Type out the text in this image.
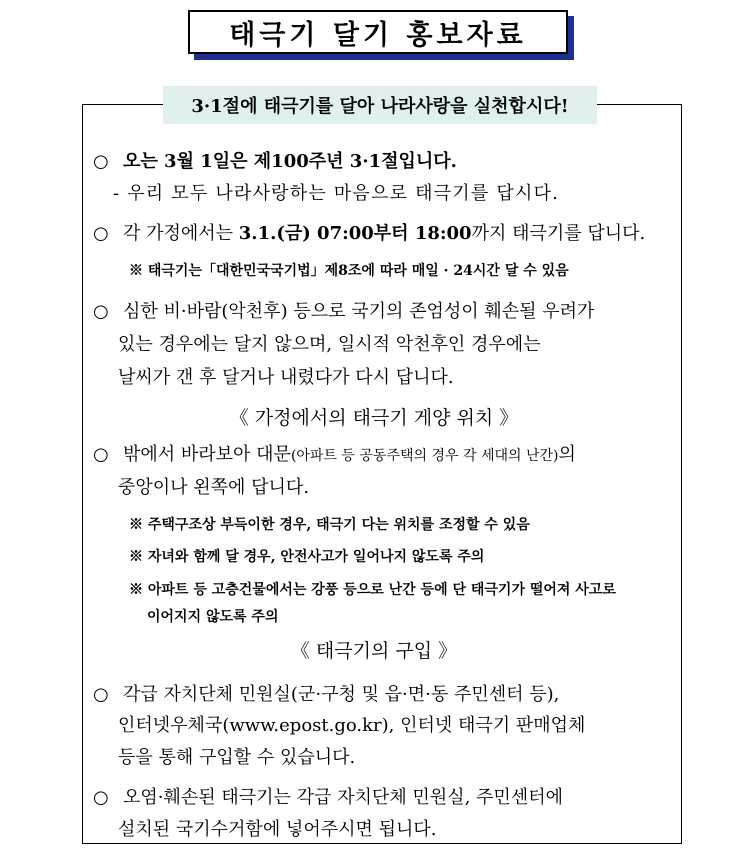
태극기 달기 홍보자료
3·1절에 태극기를 달아 나라사랑을 실천합시다!
○ 오는 3월 1일은 제100주년 3·1절입니다.
- 우리 모두 나라사랑하는 마음으로 태극기를 답시다.
○ 각 가정에서는 3.1.(금) 07:00부터 18:00까지 태극기를 답니다.
※ 태극기는「대한민국국기법」제8조에 따라 매일 · 24시간 달 수 있음
○ 심한 비·바람(악천후) 등으로 국기의 존엄성이 훼손될 우려가
있는 경우에는 달지 않으며, 일시적 악천후인 경우에는
날씨가 갠 후 달거나 내렸다가 다시 답니다.
《 가정에서의 태극기 게양 위치 》
○ 밖에서 바라보아 대문(아파트 등 공동주택의 경우 각 세대의 난간)의
중앙이나 왼쪽에 답니다.
※ 주택구조상 부득이한 경우, 태극기 다는 위치를 조정할 수 있음
※ 자녀와 함께 달 경우, 안전사고가 일어나지 않도록 주의
※ 아파트 등 고층건물에서는 강풍 등으로 난간 등에 단 태극기가 떨어져 사고로
이어지지 않도록 주의
《 태극기의 구입 》
○ 각급 자치단체 민원실(군·구청 및 읍·면·동 주민센터 등),
인터넷우체국(www.epost.go.kr), 인터넷 태극기 판매업체
등을 통해 구입할 수 있습니다.
○ 오염·훼손된 태극기는 각급 자치단체 민원실, 주민센터에
설치된 국기수거함에 넣어주시면 됩니다.
